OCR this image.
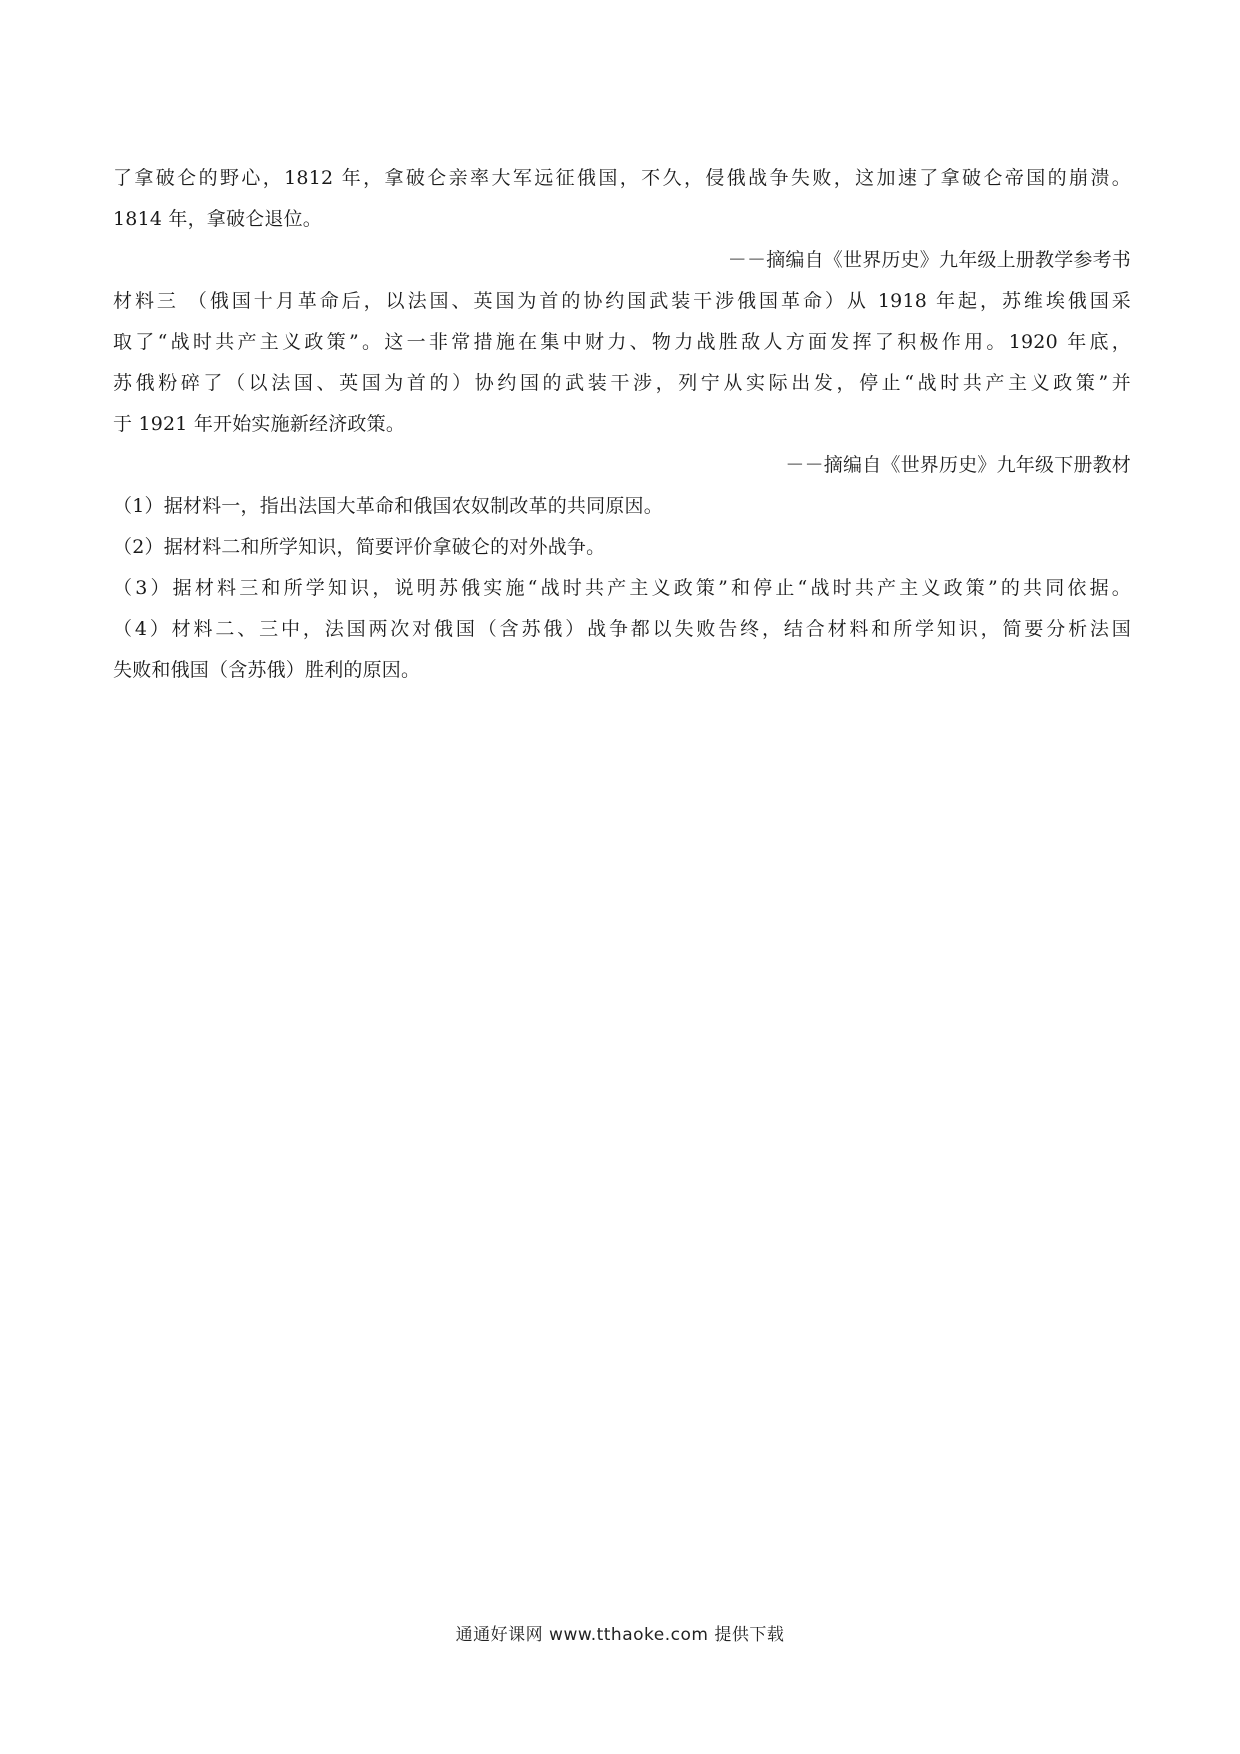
了拿破仑的野心，1812 年，拿破仑亲率大军远征俄国，不久，侵俄战争失败，这加速了拿破仑帝国的崩溃。
1814 年，拿破仑退位。
－－摘编自《世界历史》九年级上册教学参考书
材料三 （俄国十月革命后，以法国、英国为首的协约国武装干涉俄国革命）从 1918 年起，苏维埃俄国采
取了“战时共产主义政策”。这一非常措施在集中财力、物力战胜敌人方面发挥了积极作用。1920 年底，
苏俄粉碎了（以法国、英国为首的）协约国的武装干涉，列宁从实际出发，停止“战时共产主义政策”并
于 1921 年开始实施新经济政策。
－－摘编自《世界历史》九年级下册教材
（1）据材料一，指出法国大革命和俄国农奴制改革的共同原因。
（2）据材料二和所学知识，简要评价拿破仑的对外战争。
（3）据材料三和所学知识，说明苏俄实施“战时共产主义政策”和停止“战时共产主义政策”的共同依据。
（4）材料二、三中，法国两次对俄国（含苏俄）战争都以失败告终，结合材料和所学知识，简要分析法国
失败和俄国（含苏俄）胜利的原因。
通通好课网 www.tthaoke.com 提供下载
